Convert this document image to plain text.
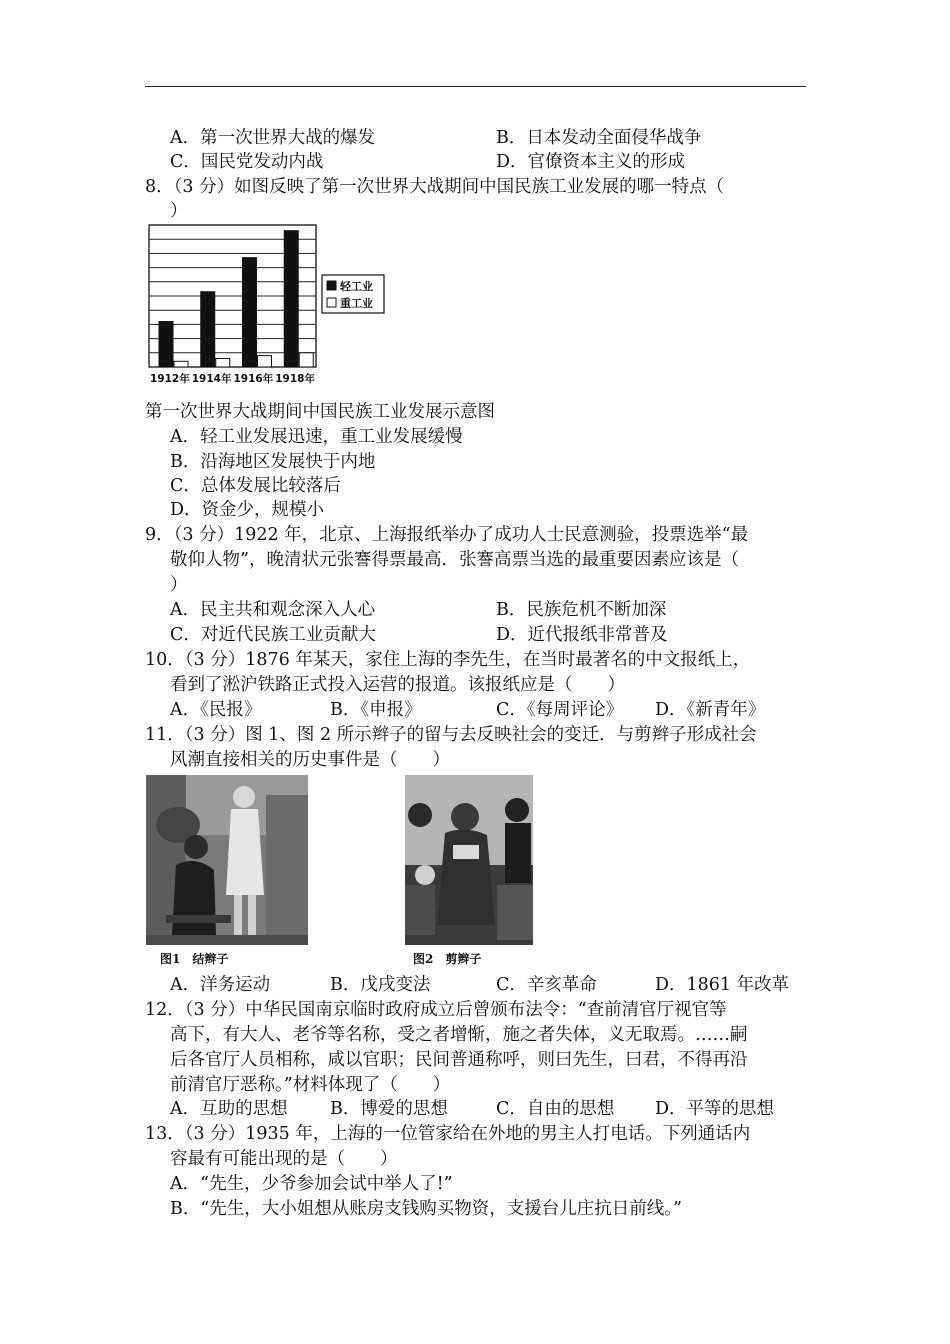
A．第一次世界大战的爆发	B．日本发动全面侵华战争
C．国民党发动内战	D．官僚资本主义的形成
8．（3 分）如图反映了第一次世界大战期间中国民族工业发展的哪一特点（
）
1912年 1914年 1916年 1918年
轻工业
重工业
第一次世界大战期间中国民族工业发展示意图
A．轻工业发展迅速，重工业发展缓慢
B．沿海地区发展快于内地
C．总体发展比较落后
D．资金少，规模小
9．（3 分）1922 年，北京、上海报纸举办了成功人士民意测验，投票选举“最
敬仰人物”，晚清状元张謇得票最高．张謇高票当选的最重要因素应该是（
）
A．民主共和观念深入人心	B．民族危机不断加深
C．对近代民族工业贡献大	D．近代报纸非常普及
10．（3 分）1876 年某天，家住上海的李先生，在当时最著名的中文报纸上，
看到了淞沪铁路正式投入运营的报道。该报纸应是（　　）
A．《民报》	B．《申报》	C．《每周评论》 D．《新青年》
11．（3 分）图 1、图 2 所示辫子的留与去反映社会的变迁．与剪辫子形成社会
风潮直接相关的历史事件是（　　）
图1　结辫子	图2　剪辫子
A．洋务运动	B．戊戌变法	C．辛亥革命	D．1861 年改革
12．（3 分）中华民国南京临时政府成立后曾颁布法令：“查前清官厅视官等
高下，有大人、老爷等名称，受之者增惭，施之者失体，义无取焉。……嗣
后各官厅人员相称，咸以官职；民间普通称呼，则曰先生，曰君，不得再沿
前清官厅恶称。”材料体现了（　　）
A．互助的思想 B．博爱的思想	C．自由的思想 D．平等的思想
13．（3 分）1935 年，上海的一位管家给在外地的男主人打电话。下列通话内
容最有可能出现的是（　　）
A．“先生，少爷参加会试中举人了!”
B．“先生，大小姐想从账房支钱购买物资，支援台儿庄抗日前线。”
